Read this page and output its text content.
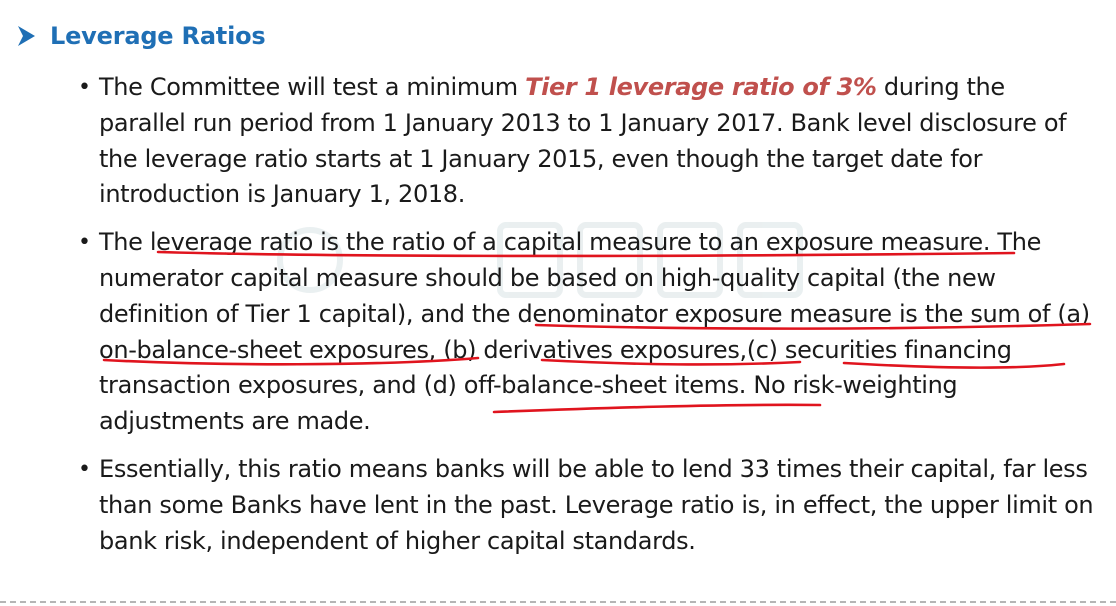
Leverage Ratios
• The Committee will test a minimum Tier 1 leverage ratio of 3% during the parallel run period from 1 January 2013 to 1 January 2017. Bank level disclosure of the leverage ratio starts at 1 January 2015, even though the target date for introduction is January 1, 2018.
• The leverage ratio is the ratio of a capital measure to an exposure measure. The numerator capital measure should be based on high-quality capital (the new definition of Tier 1 capital), and the denominator exposure measure is the sum of (a) on-balance-sheet exposures, (b) derivatives exposures,(c) securities financing transaction exposures, and (d) off-balance-sheet items. No risk-weighting adjustments are made.
• Essentially, this ratio means banks will be able to lend 33 times their capital, far less than some Banks have lent in the past. Leverage ratio is, in effect, the upper limit on bank risk, independent of higher capital standards.
